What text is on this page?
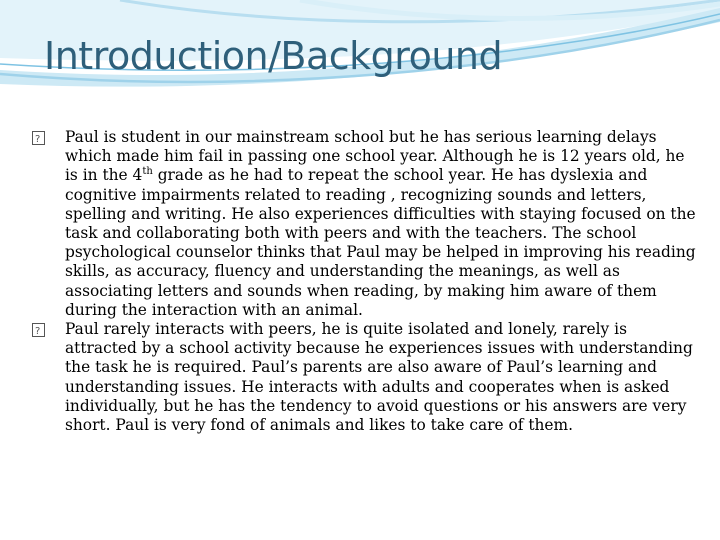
Introduction/Background
?
Paul is student in our mainstream school but he has serious learning delays which made him fail in passing one school year. Although he is 12 years old, he is in the 4th grade as he had to repeat the school year. He has dyslexia and cognitive impairments related to reading , recognizing sounds and letters, spelling and writing. He also experiences difficulties with staying focused on the task and collaborating both with peers and with the teachers. The school psychological counselor thinks that Paul may be helped in improving his reading skills, as accuracy, fluency and understanding the meanings, as well as associating letters and sounds when reading, by making him aware of them during the interaction with an animal.
?
Paul rarely interacts with peers, he is quite isolated and lonely, rarely is attracted by a school activity because he experiences issues with understanding the task he is required. Paul’s parents are also aware of Paul’s learning and understanding issues. He interacts with adults and cooperates when is asked individually, but he has the tendency to avoid questions or his answers are very short. Paul is very fond of animals and likes to take care of them.
